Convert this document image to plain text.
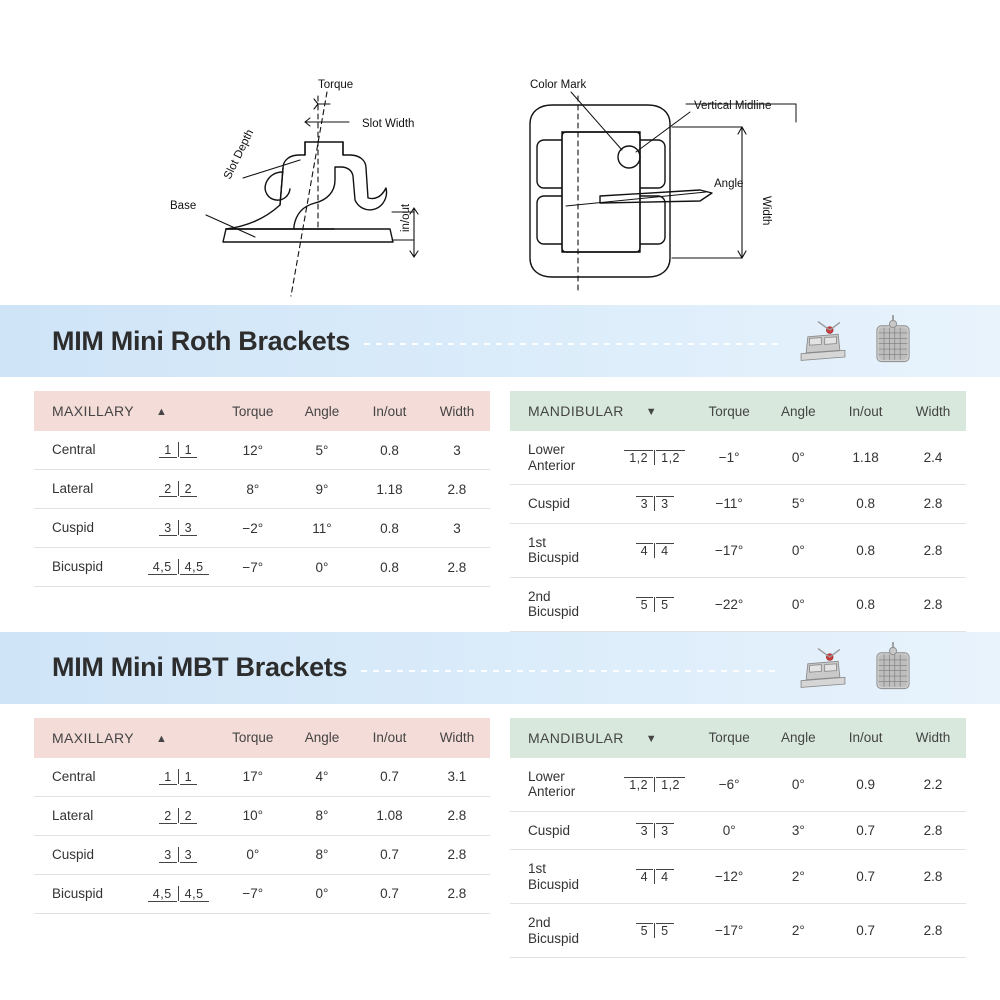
Torque
Slot Width
Slot Depth
Base	in/out
Color Mark
Vertical Midline
Angle
Width
MIM Mini Roth Brackets
MAXILLARY ▲		Torque	Angle	In/out	Width
Central	1 1	12°	5°	0.8	3
Lateral	2 2	8°	9°	1.18	2.8
Cuspid	3 3	−2°	11°	0.8	3
Bicuspid	4,5 4,5	−7°	0°	0.8	2.8
MANDIBULAR ▼		Torque	Angle	In/out	Width
Lower
Anterior	1,2 1,2	−1°	0°	1.18	2.4
Cuspid	3 3	−11°	5°	0.8	2.8
1st
Bicuspid	4 4	−17°	0°	0.8	2.8
2nd
Bicuspid	5 5	−22°	0°	0.8	2.8
MIM Mini MBT Brackets
MAXILLARY ▲		Torque	Angle	In/out	Width
Central	1 1	17°	4°	0.7	3.1
Lateral	2 2	10°	8°	1.08	2.8
Cuspid	3 3	0°	8°	0.7	2.8
Bicuspid	4,5 4,5	−7°	0°	0.7	2.8
MANDIBULAR ▼		Torque	Angle	In/out	Width
Lower
Anterior	1,2 1,2	−6°	0°	0.9	2.2
Cuspid	3 3	0°	3°	0.7	2.8
1st
Bicuspid	4 4	−12°	2°	0.7	2.8
2nd
Bicuspid	5 5	−17°	2°	0.7	2.8
